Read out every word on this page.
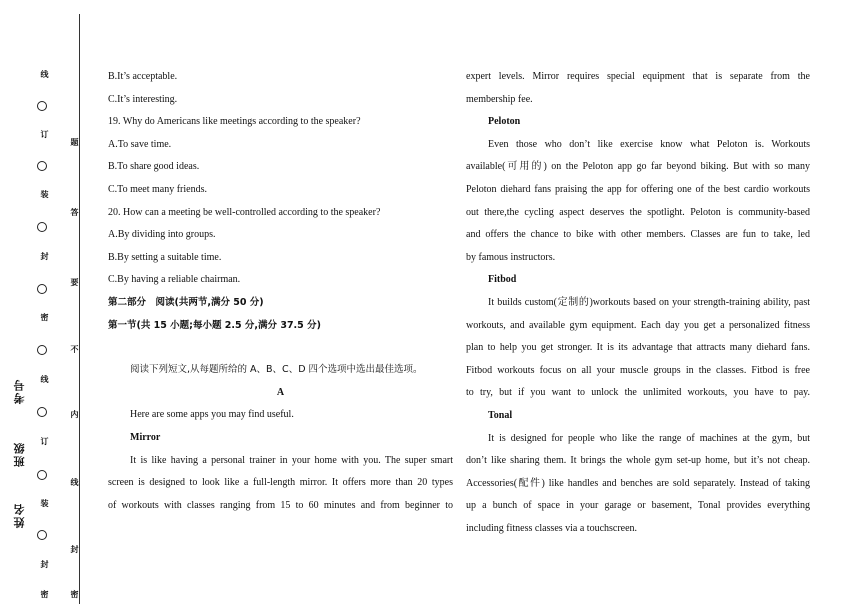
线
订
装
封
密
线
订
装
封
密
题
答
要
不
内
线
封
密
考号
班级
姓名
B.It’s acceptable.
C.It’s interesting.
19. Why do Americans like meetings according to the speaker?
A.To save time.
B.To share good ideas.
C.To meet many friends.
20. How can a meeting be well-controlled according to the speaker?
A.By dividing into groups.
B.By setting a suitable time.
C.By having a reliable chairman.
第二部分　阅读(共两节,满分 50 分)
第一节(共 15 小题;每小题 2.5 分,满分 37.5 分)
阅读下列短文,从每题所给的 A、B、C、D 四个选项中选出最佳选项。
A
Here are some apps you may find useful.
Mirror
It is like having a personal trainer in your home with you. The super smart
screen is designed to look like a full-length mirror. It offers more than 20 types
of workouts with classes ranging from 15 to 60 minutes and from beginner to
expert levels. Mirror requires special equipment that is separate from the
membership fee.
Peloton
Even those who don’t like exercise know what Peloton is. Workouts
available(可用的) on the Peloton app go far beyond biking. But with so many
Peloton diehard fans praising the app for offering one of the best cardio workouts
out there,the cycling aspect deserves the spotlight. Peloton is community-based
and offers the chance to bike with other members. Classes are fun to take, led
by famous instructors.
Fitbod
It builds custom(定制的)workouts based on your strength-training ability, past
workouts, and available gym equipment. Each day you get a personalized fitness
plan to help you get stronger. It is its advantage that attracts many diehard fans.
Fitbod workouts focus on all your muscle groups in the classes. Fitbod is free
to try, but if you want to unlock the unlimited workouts, you have to pay.
Tonal
It is designed for people who like the range of machines at the gym, but
don’t like sharing them. It brings the whole gym set-up home, but it’s not cheap.
Accessories(配件) like handles and benches are sold separately. Instead of taking
up a bunch of space in your garage or basement, Tonal provides everything
including fitness classes via a touchscreen.
